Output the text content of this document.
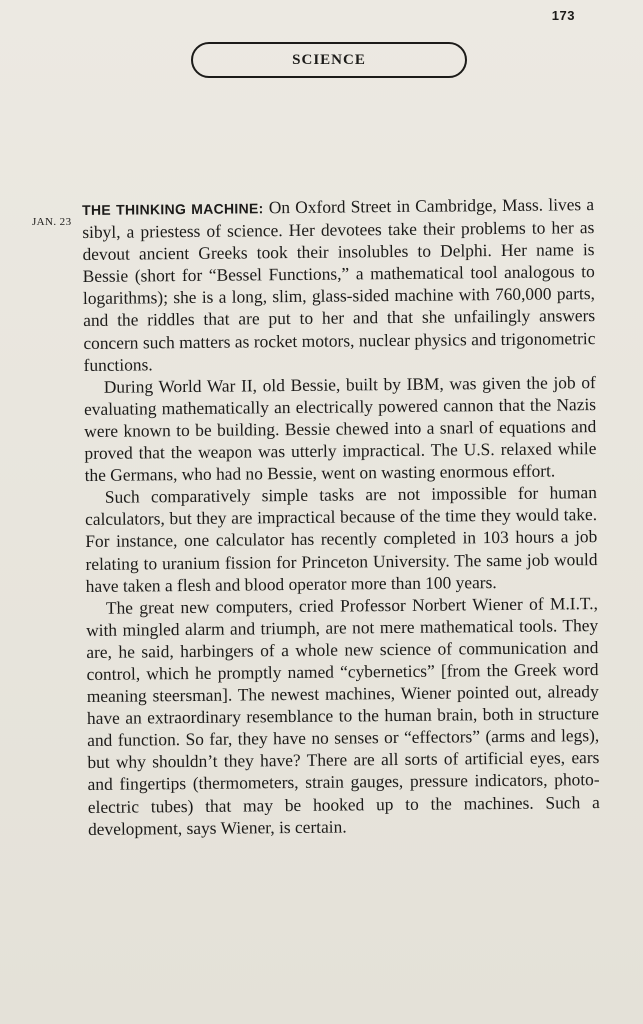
173
SCIENCE
JAN. 23

THE THINKING MACHINE: On Oxford Street in Cambridge, Mass. lives a sibyl, a priestess of science. Her devotees take their problems to her as devout ancient Greeks took their insolubles to Delphi. Her name is Bessie (short for “Bessel Functions,” a mathematical tool analogous to logarithms); she is a long, slim, glass-sided machine with 760,000 parts, and the riddles that are put to her and that she unfailingly answers concern such matters as rocket motors, nuclear physics and trigonometric functions.

During World War II, old Bessie, built by IBM, was given the job of evaluating mathematically an electrically powered cannon that the Nazis were known to be building. Bessie chewed into a snarl of equations and proved that the weapon was utterly impractical. The U.S. relaxed while the Germans, who had no Bessie, went on wasting enormous effort.

Such comparatively simple tasks are not impossible for human calculators, but they are impractical because of the time they would take. For instance, one calculator has recently completed in 103 hours a job relating to uranium fission for Princeton University. The same job would have taken a flesh and blood operator more than 100 years.

The great new computers, cried Professor Norbert Wiener of M.I.T., with mingled alarm and triumph, are not mere mathematical tools. They are, he said, harbingers of a whole new science of communication and control, which he promptly named “cybernetics” [from the Greek word meaning steersman]. The newest machines, Wiener pointed out, already have an extraordinary resemblance to the human brain, both in structure and function. So far, they have no senses or “effectors” (arms and legs), but why shouldn’t they have? There are all sorts of artificial eyes, ears and fingertips (thermometers, strain gauges, pressure indicators, photo-electric tubes) that may be hooked up to the machines. Such a development, says Wiener, is certain.
